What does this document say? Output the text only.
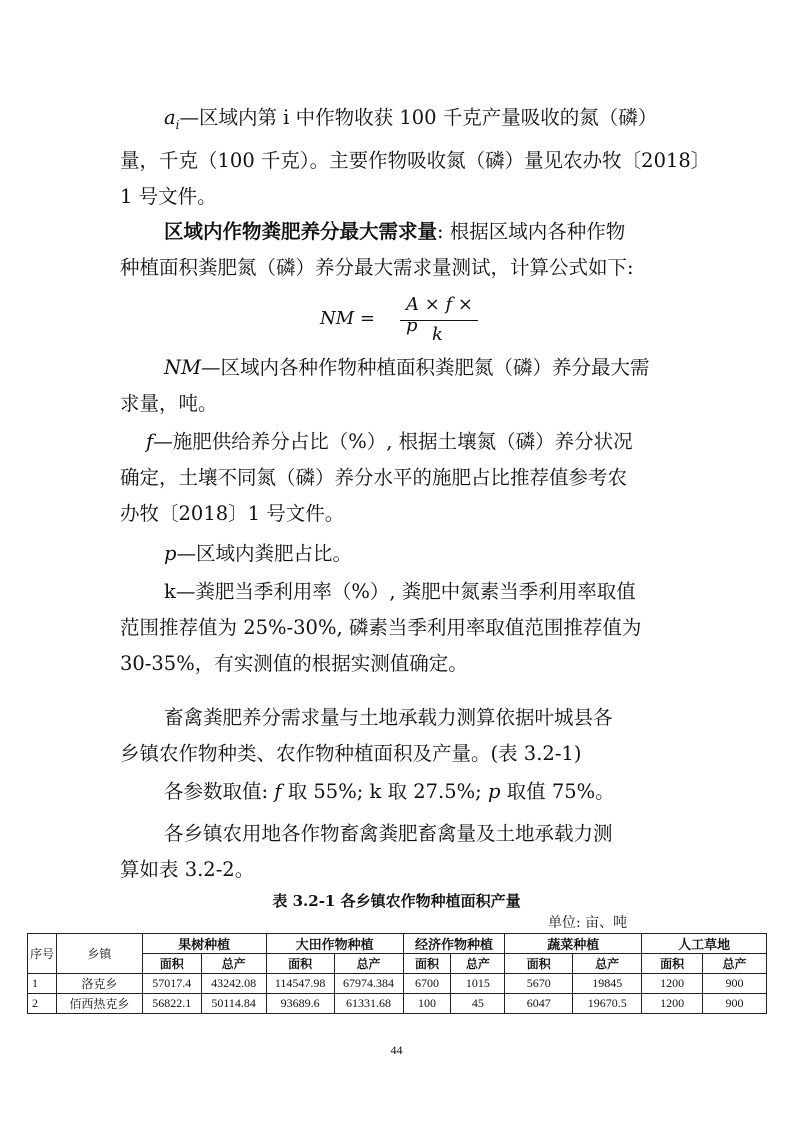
$a_i—$区域内第 i 中作物收获 100 千克产量吸收的氮（磷）
量，千克（100 千克）。主要作物吸收氮（磷）量见农办牧〔2018〕
1 号文件。

区域内作物粪肥养分最大需求量: 根据区域内各种作物
种植面积粪肥氮（磷）养分最大需求量测试，计算公式如下:

NM =
A × f × p k

NM—区域内各种作物种植面积粪肥氮（磷）养分最大需
求量，吨。

f—施肥供给养分占比（%）, 根据土壤氮（磷）养分状况
确定，土壤不同氮（磷）养分水平的施肥占比推荐值参考农
办牧〔2018〕1 号文件。

p—区域内粪肥占比。

k—粪肥当季利用率（%）, 粪肥中氮素当季利用率取值
范围推荐值为 25%-30%, 磷素当季利用率取值范围推荐值为
30-35%，有实测值的根据实测值确定。

畜禽粪肥养分需求量与土地承载力测算依据叶城县各
乡镇农作物种类、农作物种植面积及产量。(表 3.2-1)

各参数取值: f 取 55%; k 取 27.5%; p 取值 75%。

各乡镇农用地各作物畜禽粪肥畜禽量及土地承载力测
算如表 3.2-2。

表 3.2-1 各乡镇农作物种植面积产量
单位: 亩、吨
序号	乡镇	果树种植		大田作物种植		经济作物种植		蔬菜种植		人工草地	
		面积	总产	面积	总产	面积	总产	面积	总产	面积	总产
1	洛克乡	57017.4	43242.08	114547.98	67974.384	6700	1015	5670	19845	1200	900
2	佰西热克乡	56822.1	50114.84	93689.6	61331.68	100	45	6047	19670.5	1200	900
44
